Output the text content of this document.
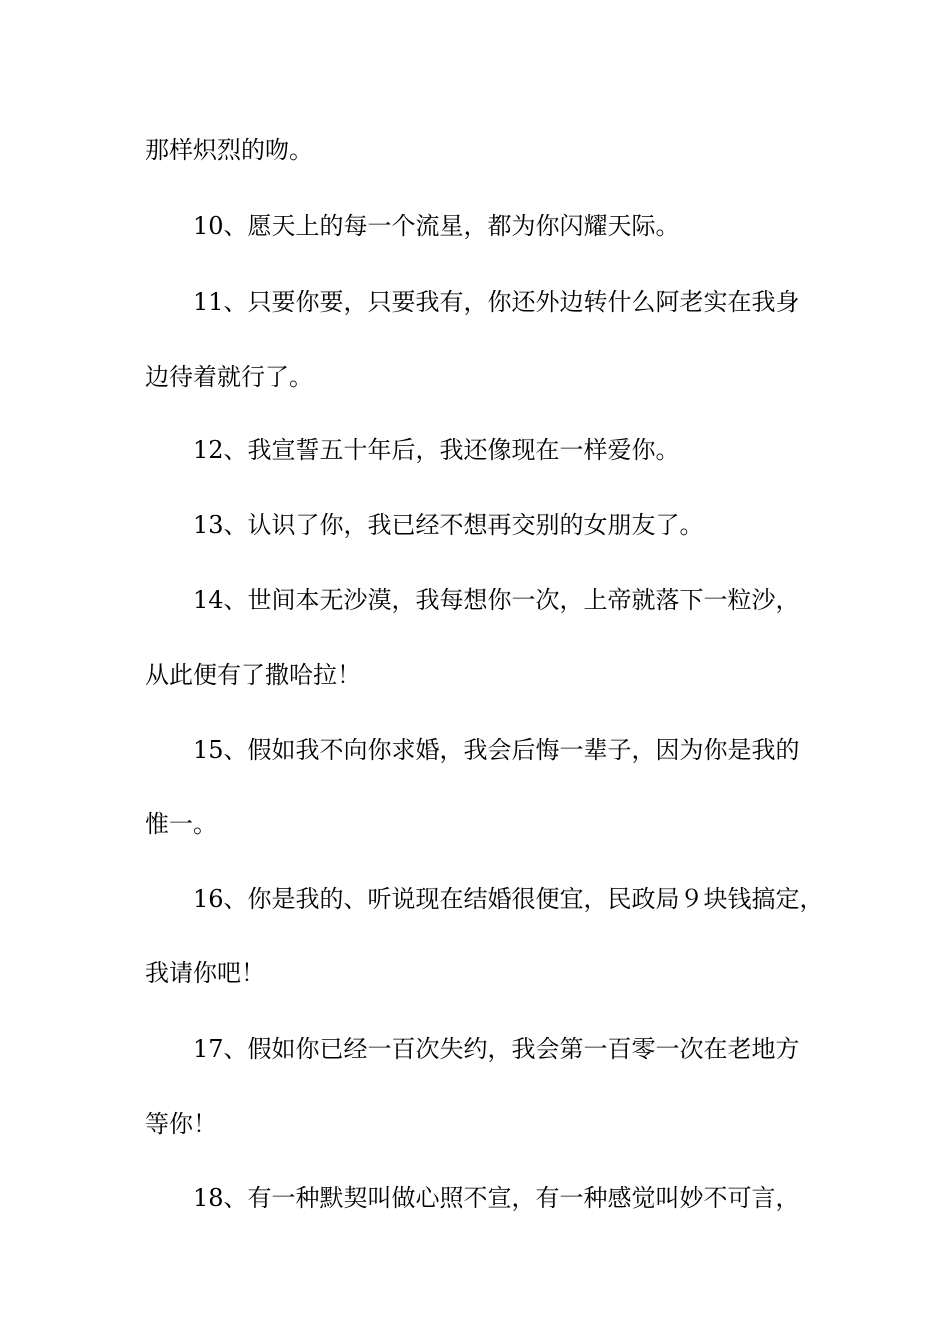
那样炽烈的吻。
10、愿天上的每一个流星，都为你闪耀天际。
11、只要你要，只要我有，你还外边转什么阿老实在我身
边待着就行了。
12、我宣誓五十年后，我还像现在一样爱你。
13、认识了你，我已经不想再交别的女朋友了。
14、世间本无沙漠，我每想你一次，上帝就落下一粒沙，
从此便有了撒哈拉！
15、假如我不向你求婚，我会后悔一辈子，因为你是我的
惟一。
16、你是我的、听说现在结婚很便宜，民政局９块钱搞定，
我请你吧！
17、假如你已经一百次失约，我会第一百零一次在老地方
等你！
18、有一种默契叫做心照不宣，有一种感觉叫妙不可言，
